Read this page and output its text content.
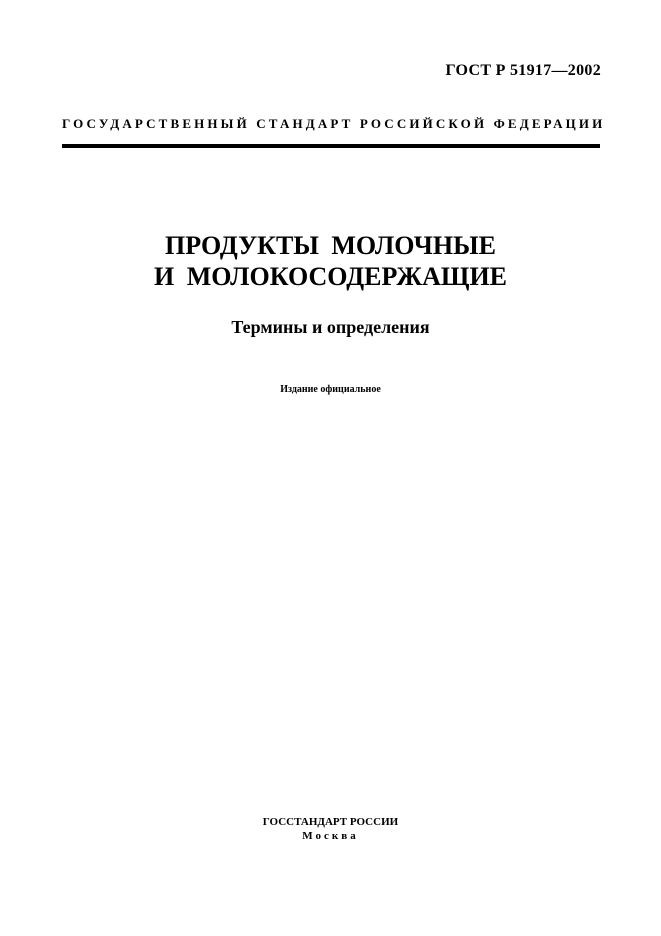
ГОСТ Р 51917—2002
ГОСУДАРСТВЕННЫЙ СТАНДАРТ РОССИЙСКОЙ ФЕДЕРАЦИИ
ПРОДУКТЫ МОЛОЧНЫЕ
И МОЛОКОСОДЕРЖАЩИЕ
Термины и определения
Издание официальное
ГОССТАНДАРТ РОССИИ
Москва
